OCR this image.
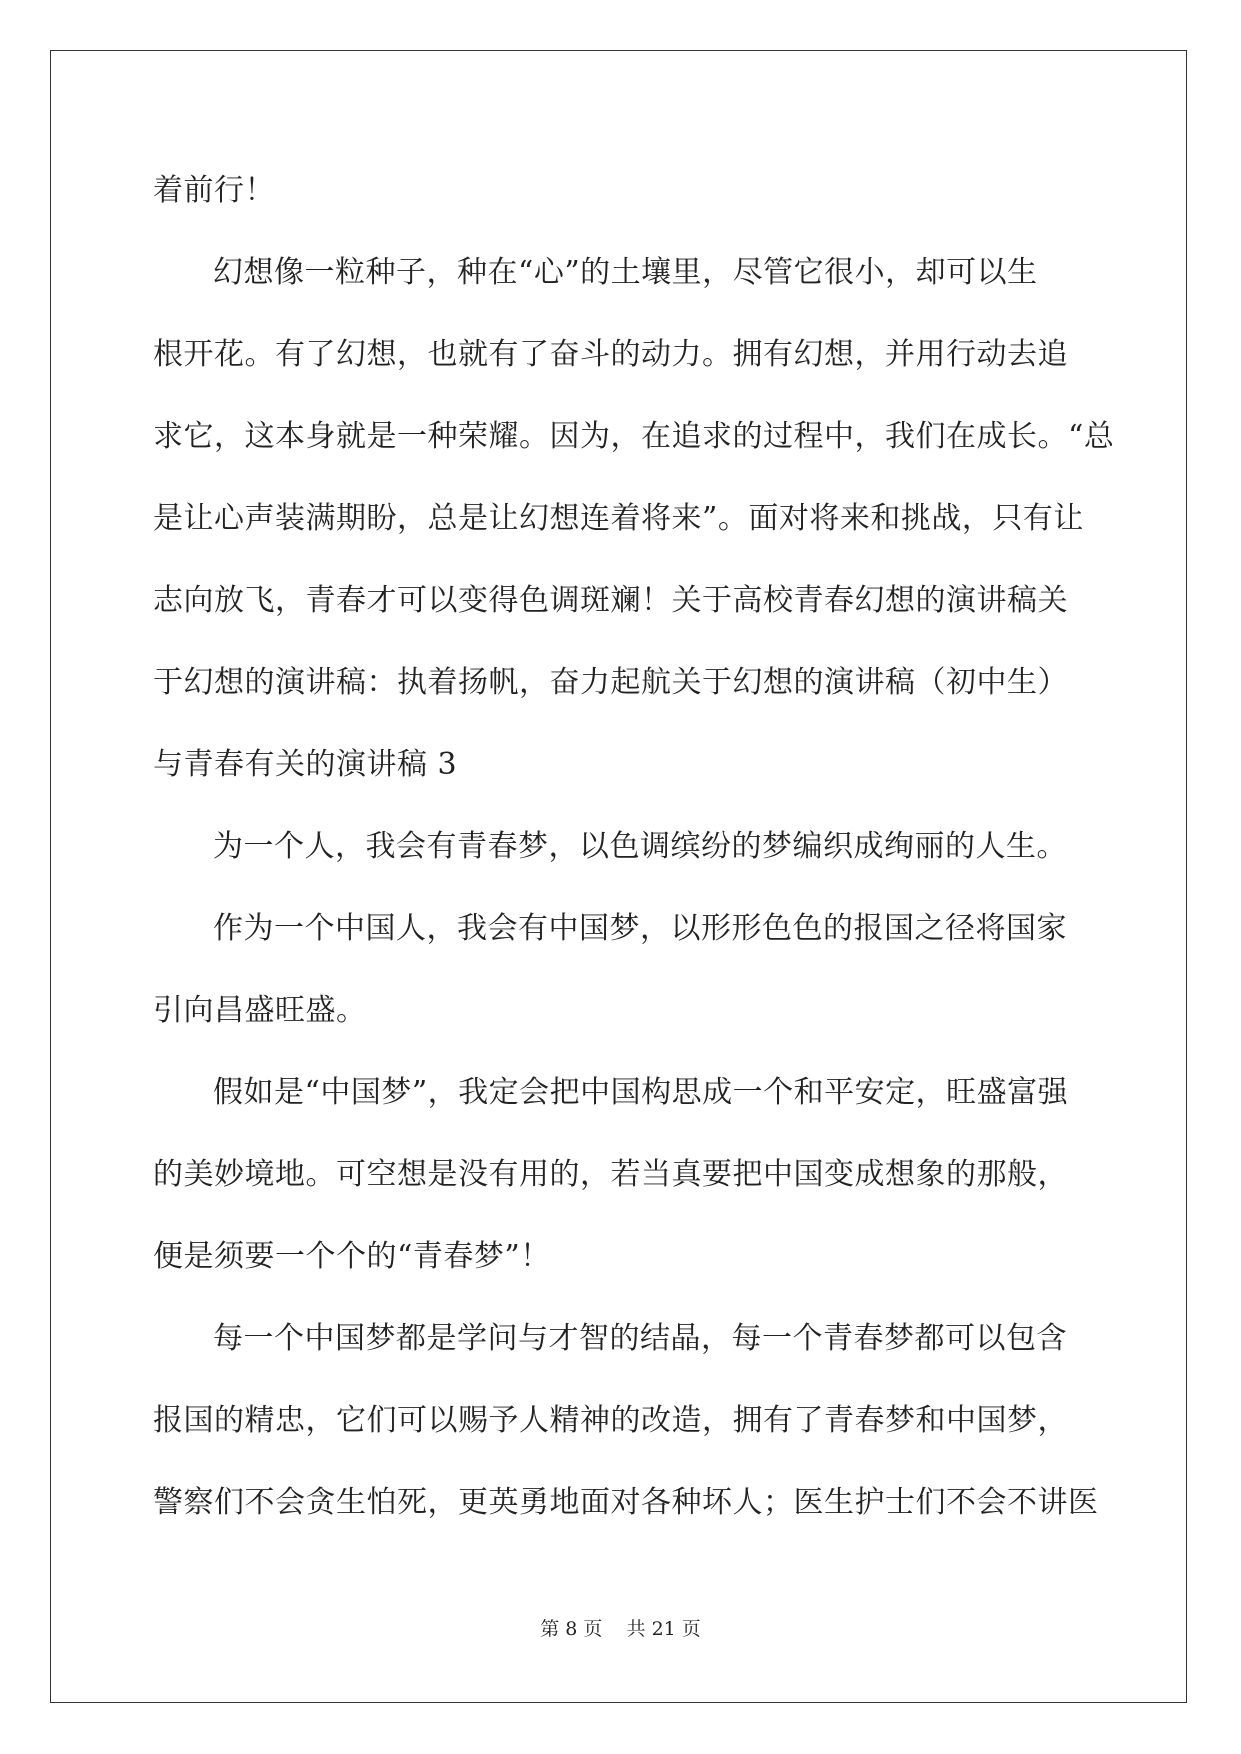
着前行！
幻想像一粒种子，种在“心”的土壤里，尽管它很小，却可以生
根开花。有了幻想，也就有了奋斗的动力。拥有幻想，并用行动去追
求它，这本身就是一种荣耀。因为，在追求的过程中，我们在成长。“总
是让心声装满期盼，总是让幻想连着将来”。面对将来和挑战，只有让
志向放飞，青春才可以变得色调斑斓！关于高校青春幻想的演讲稿关
于幻想的演讲稿：执着扬帆，奋力起航关于幻想的演讲稿（初中生）
与青春有关的演讲稿 3
为一个人，我会有青春梦，以色调缤纷的梦编织成绚丽的人生。
作为一个中国人，我会有中国梦，以形形色色的报国之径将国家
引向昌盛旺盛。
假如是“中国梦”，我定会把中国构思成一个和平安定，旺盛富强
的美妙境地。可空想是没有用的，若当真要把中国变成想象的那般，
便是须要一个个的“青春梦”！
每一个中国梦都是学问与才智的结晶，每一个青春梦都可以包含
报国的精忠，它们可以赐予人精神的改造，拥有了青春梦和中国梦，
警察们不会贪生怕死，更英勇地面对各种坏人；医生护士们不会不讲医
第 8 页 共 21 页
